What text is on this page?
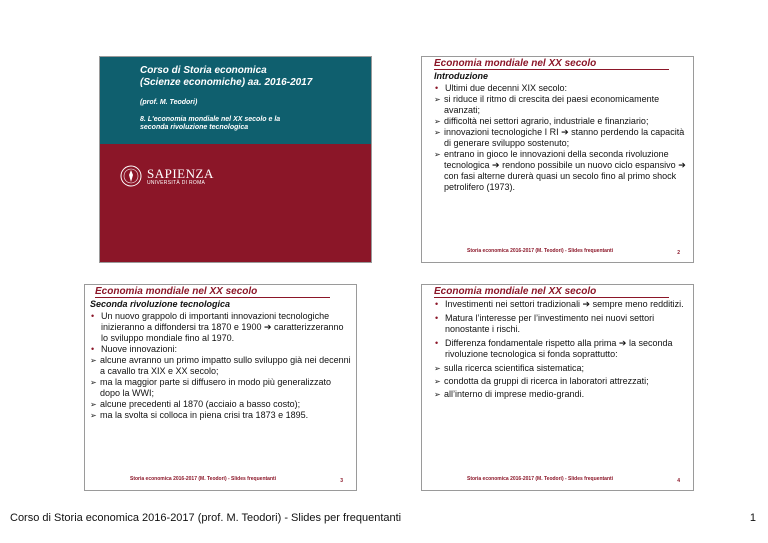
Corso di Storia economica
(Scienze economiche) aa. 2016-2017
(prof. M. Teodori)
8. L'economia mondiale nel XX secolo e la
seconda rivoluzione tecnologica
SAPIENZA
UNIVERSITÀ DI ROMA
Economia mondiale nel XX secolo
Introduzione
• Ultimi due decenni XIX secolo:
➢ si riduce il ritmo di crescita dei paesi economicamente avanzati;
➢ difficoltà nei settori agrario, industriale e finanziario;
➢ innovazioni tecnologiche I RI ➔ stanno perdendo la capacità di generare sviluppo sostenuto;
➢ entrano in gioco le innovazioni della seconda rivoluzione tecnologica ➔ rendono possibile un nuovo ciclo espansivo ➔ con fasi alterne durerà quasi un secolo fino al primo shock petrolifero (1973).
Storia economica 2016-2017 (M. Teodori) - Slides frequentanti	2
Economia mondiale nel XX secolo
Seconda rivoluzione tecnologica
• Un nuovo grappolo di importanti innovazioni tecnologiche inizieranno a diffondersi tra 1870 e 1900 ➔ caratterizzeranno lo sviluppo mondiale fino al 1970.
• Nuove innovazioni:
➢ alcune avranno un primo impatto sullo sviluppo già nei decenni a cavallo tra XIX e XX secolo;
➢ ma la maggior parte si diffusero in modo più generalizzato dopo la WWI;
➢ alcune precedenti al 1870 (acciaio a basso costo);
➢ ma la svolta si colloca in piena crisi tra 1873 e 1895.
Storia economica 2016-2017 (M. Teodori) - Slides frequentanti	3
Economia mondiale nel XX secolo
• Investimenti nei settori tradizionali ➔ sempre meno redditizi.
• Matura l’interesse per l’investimento nei nuovi settori nonostante i rischi.
• Differenza fondamentale rispetto alla prima ➔ la seconda rivoluzione tecnologica si fonda soprattutto:
➢ sulla ricerca scientifica sistematica;
➢ condotta da gruppi di ricerca in laboratori attrezzati;
➢ all’interno di imprese medio-grandi.
Storia economica 2016-2017 (M. Teodori) - Slides frequentanti	4
Corso di Storia economica 2016-2017 (prof. M. Teodori) - Slides per frequentanti	1
